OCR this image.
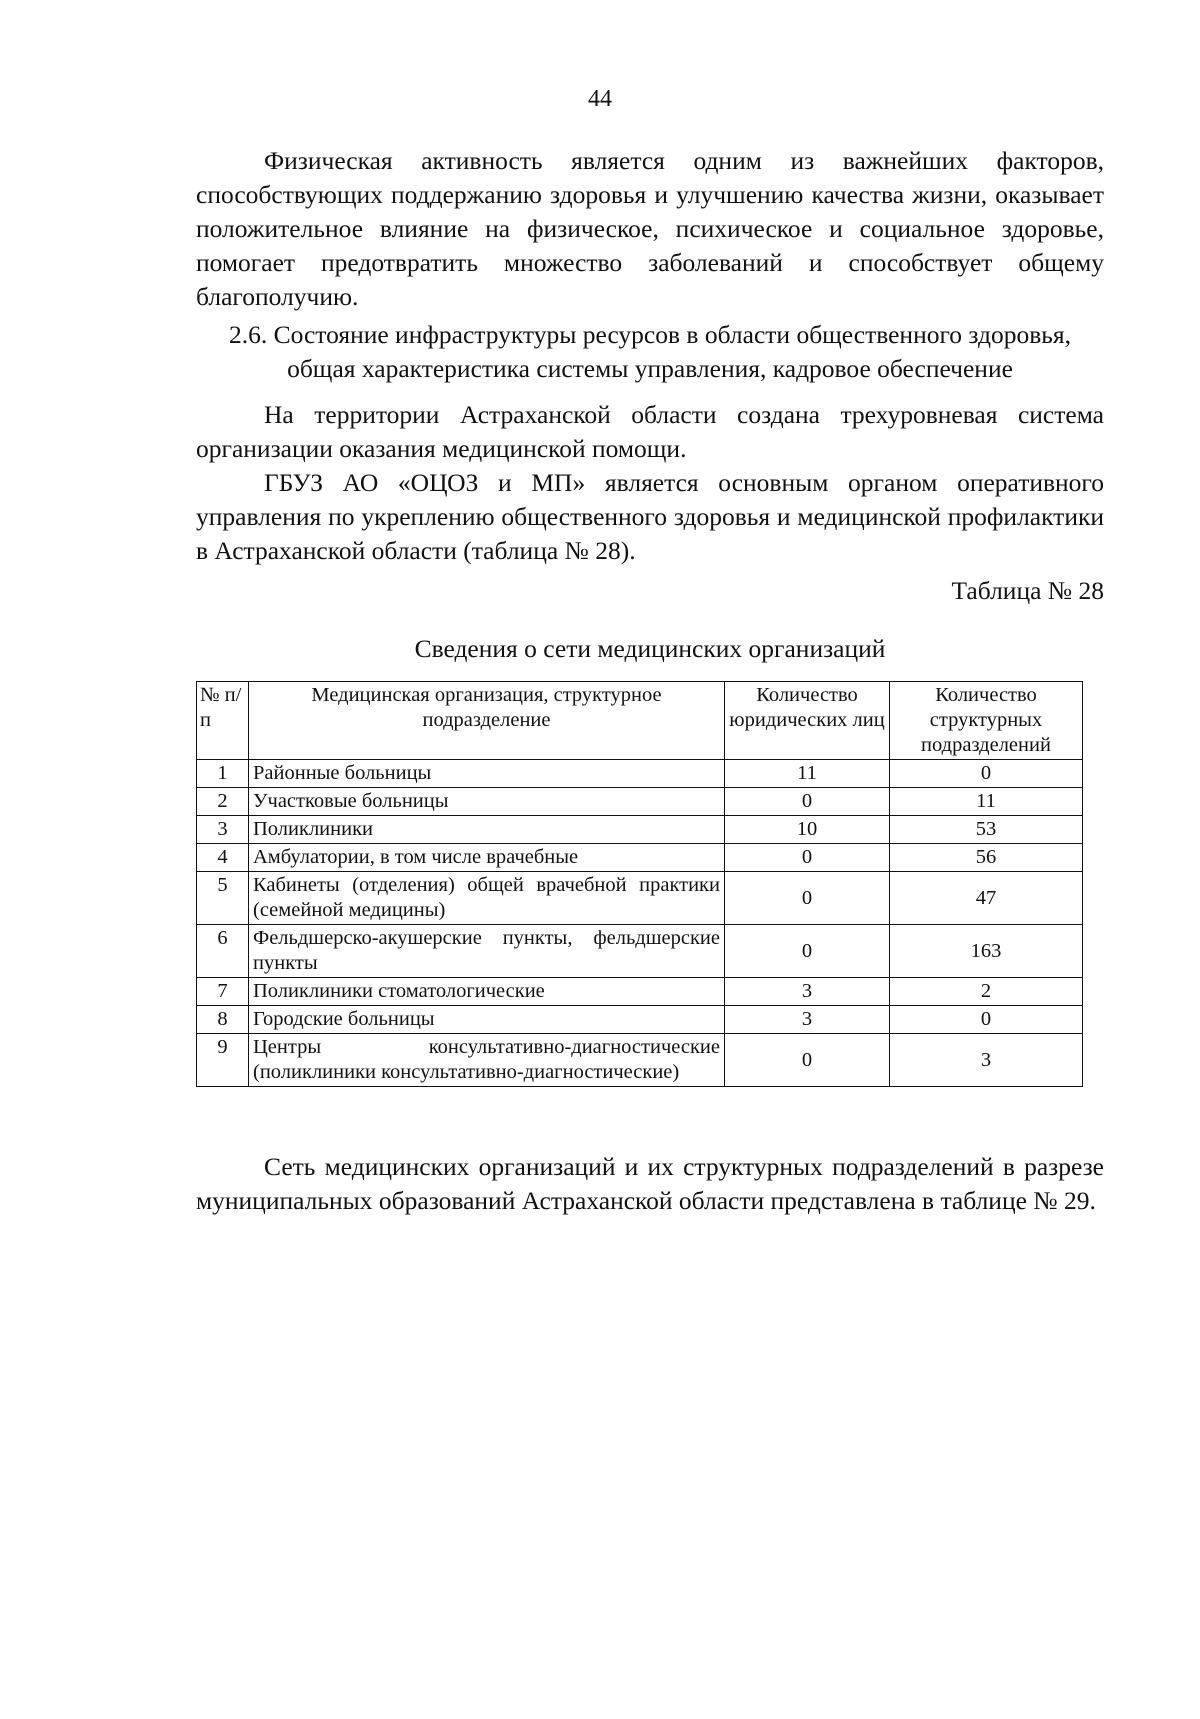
44

Физическая активность является одним из важнейших факторов, способствующих поддержанию здоровья и улучшению качества жизни, оказывает положительное влияние на физическое, психическое и социальное здоровье, помогает предотвратить множество заболеваний и способствует общему благополучию.

2.6. Состояние инфраструктуры ресурсов в области общественного здоровья,
общая характеристика системы управления, кадровое обеспечение

На территории Астраханской области создана трехуровневая система организации оказания медицинской помощи.

ГБУЗ АО «ОЦОЗ и МП» является основным органом оперативного управления по укреплению общественного здоровья и медицинской профилактики в Астраханской области (таблица № 28).

Таблица № 28
Сведения о сети медицинских организаций
№ п/п	Медицинская организация, структурное подразделение	Количество юридических лиц	Количество структурных подразделений
1	Районные больницы	11	0
2	Участковые больницы	0	11
3	Поликлиники	10	53
4	Амбулатории, в том числе врачебные	0	56
5	Кабинеты (отделения) общей врачебной практики (семейной медицины)	0	47
6	Фельдшерско-акушерские пункты, фельдшерские пункты	0	163
7	Поликлиники стоматологические	3	2
8	Городские больницы	3	0
9	Центры консультативно-диагностические (поликлиники консультативно-диагностические)	0	3

Сеть медицинских организаций и их структурных подразделений в разрезе муниципальных образований Астраханской области представлена в таблице № 29.
